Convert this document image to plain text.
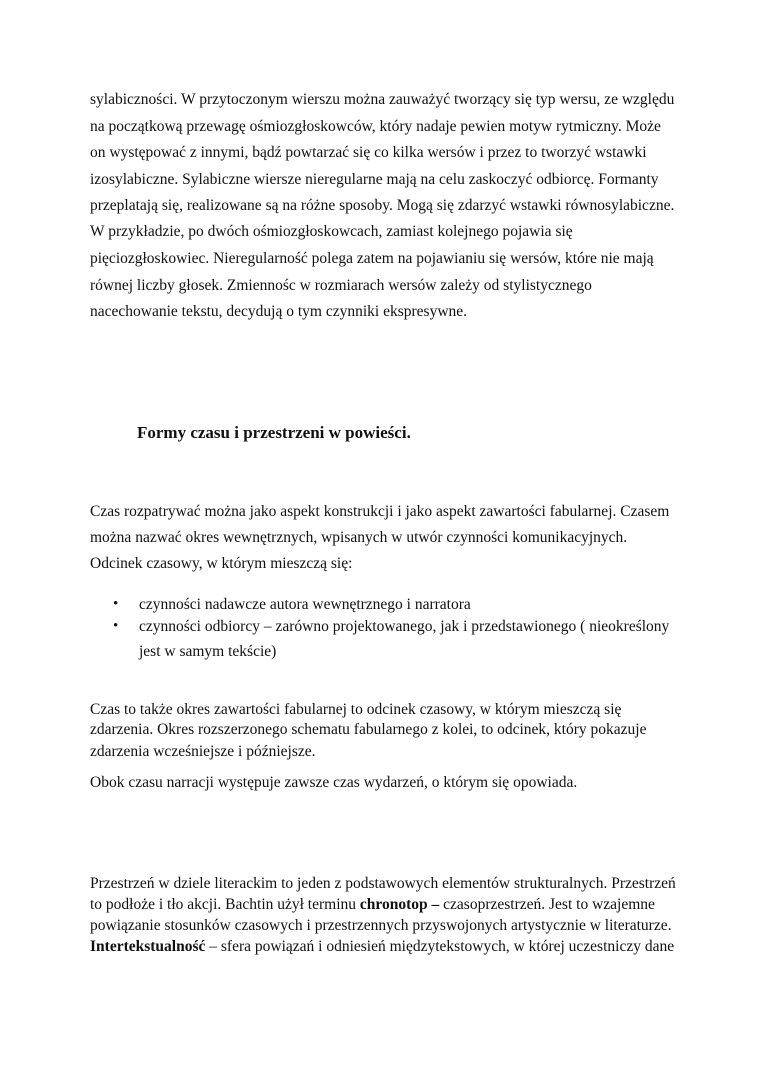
sylabiczności. W przytoczonym wierszu można zauważyć tworzący się typ wersu, ze względu
na początkową przewagę ośmiozgłoskowców, który nadaje pewien motyw rytmiczny. Może
on występować z innymi, bądź powtarzać się co kilka wersów i przez to tworzyć wstawki
izosylabiczne. Sylabiczne wiersze nieregularne mają na celu zaskoczyć odbiorcę. Formanty
przeplatają się, realizowane są na różne sposoby. Mogą się zdarzyć wstawki równosylabiczne.
W przykładzie, po dwóch ośmiozgłoskowcach, zamiast kolejnego pojawia się
pięciozgłoskowiec. Nieregularność polega zatem na pojawianiu się wersów, które nie mają
równej liczby głosek. Zmiennośc w rozmiarach wersów zależy od stylistycznego
nacechowanie tekstu, decydują o tym czynniki ekspresywne.
Formy czasu i przestrzeni w powieści.
Czas rozpatrywać można jako aspekt konstrukcji i jako aspekt zawartości fabularnej. Czasem
można nazwać okres wewnętrznych, wpisanych w utwór czynności komunikacyjnych.
Odcinek czasowy, w którym mieszczą się:
• czynności nadawcze autora wewnętrznego i narratora
• czynności odbiorcy – zarówno projektowanego, jak i przedstawionego ( nieokreślony
jest w samym tekście)
Czas to także okres zawartości fabularnej to odcinek czasowy, w którym mieszczą się
zdarzenia. Okres rozszerzonego schematu fabularnego z kolei, to odcinek, który pokazuje
zdarzenia wcześniejsze i późniejsze.
Obok czasu narracji występuje zawsze czas wydarzeń, o którym się opowiada.
Przestrzeń w dziele literackim to jeden z podstawowych elementów strukturalnych. Przestrzeń
to podłoże i tło akcji. Bachtin użył terminu chronotop – czasoprzestrzeń. Jest to wzajemne
powiązanie stosunków czasowych i przestrzennych przyswojonych artystycznie w literaturze.
Intertekstualność – sfera powiązań i odniesień międzytekstowych, w której uczestniczy dane
